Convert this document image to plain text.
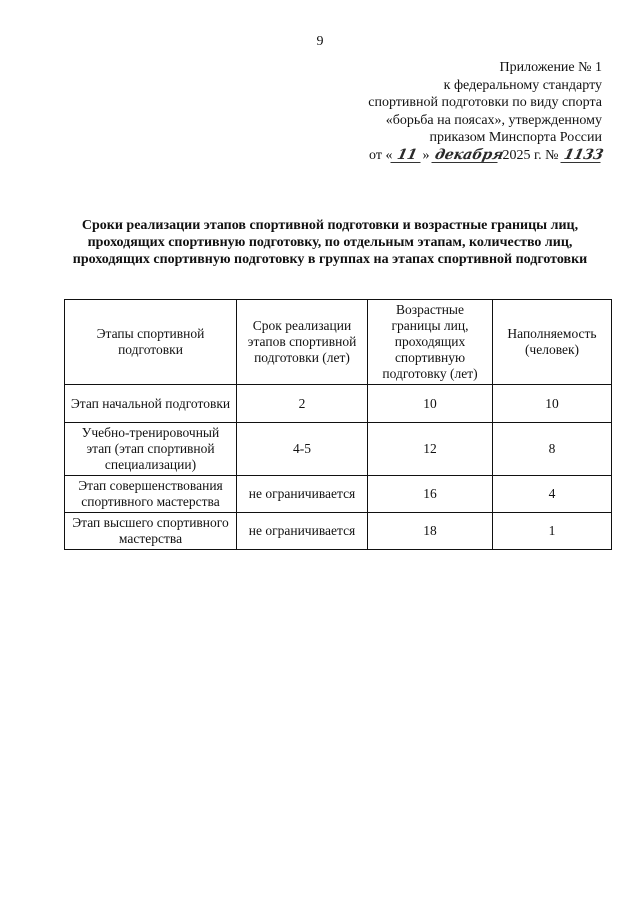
9
Приложение № 1
к федеральному стандарту
спортивной подготовки по виду спорта
«борьба на поясах», утвержденному
приказом Минспорта России
от « 11 » декабря 2025 г. № 1133
Сроки реализации этапов спортивной подготовки и возрастные границы лиц, проходящих спортивную подготовку, по отдельным этапам, количество лиц, проходящих спортивную подготовку в группах на этапах спортивной подготовки
Этапы спортивной подготовки	Срок реализации этапов спортивной подготовки (лет)	Возрастные границы лиц, проходящих спортивную подготовку (лет)	Наполняемость (человек)
Этап начальной подготовки	2	10	10
Учебно-тренировочный этап (этап спортивной специализации)	4-5	12	8
Этап совершенствования спортивного мастерства	не ограничивается	16	4
Этап высшего спортивного мастерства	не ограничивается	18	1
